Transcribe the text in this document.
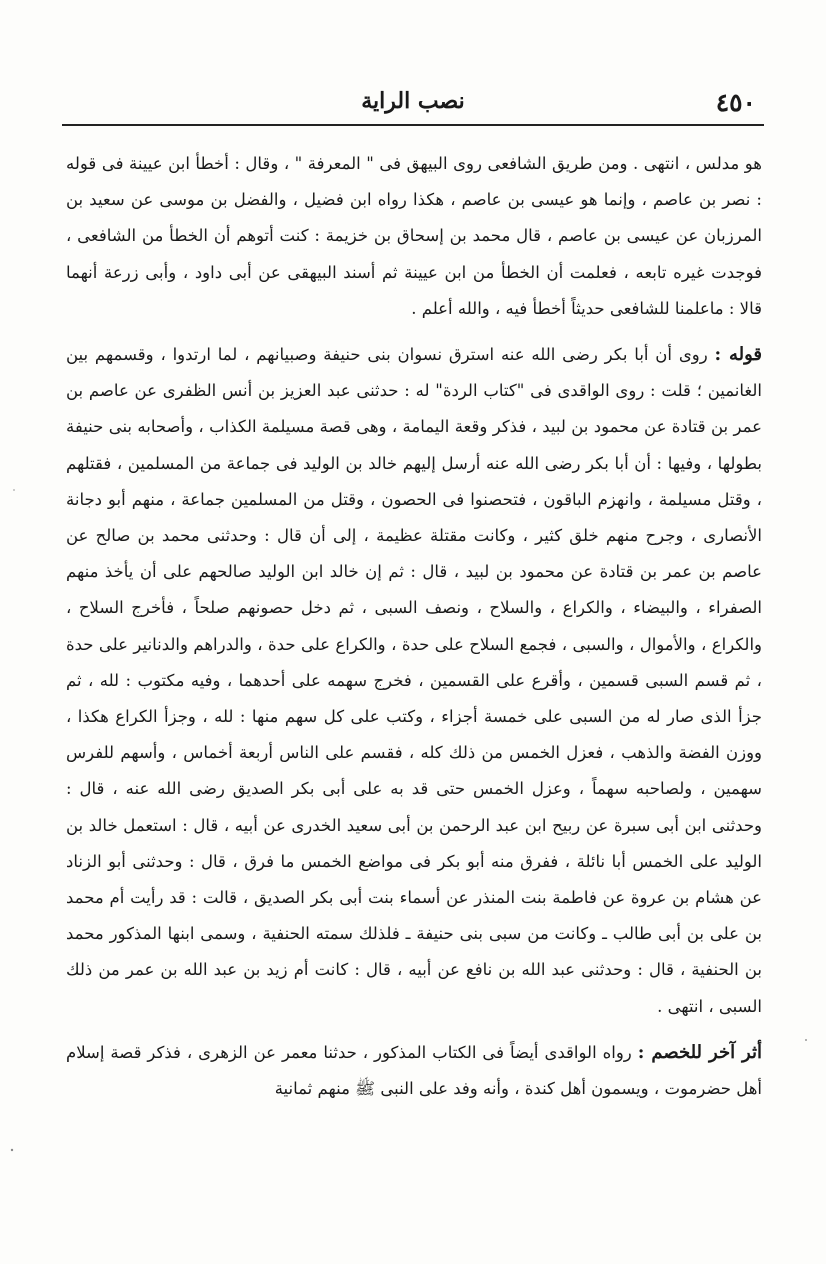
٤٥٠
نصب الراية

هو مدلس ، انتهى . ومن طريق الشافعى روى البيهق فى " المعرفة " ، وقال : أخطأ ابن عيينة فى قوله : نصر بن عاصم ، وإنما هو عيسى بن عاصم ، هكذا رواه ابن فضيل ، والفضل بن موسى عن سعيد بن المرزبان عن عيسى بن عاصم ، قال محمد بن إسحاق بن خزيمة : كنت أتوهم أن الخطأ من الشافعى ، فوجدت غيره تابعه ، فعلمت أن الخطأ من ابن عيينة ثم أسند البيهقى عن أبى داود ، وأبى زرعة أنهما قالا : ماعلمنا للشافعى حديثاً أخطأ فيه ، والله أعلم .

قوله : روى أن أبا بكر رضى الله عنه استرق نسوان بنى حنيفة وصبيانهم ، لما ارتدوا ، وقسمهم بين الغانمين ؛ قلت : روى الواقدى فى "كتاب الردة" له : حدثنى عبد العزيز بن أنس الظفرى عن عاصم بن عمر بن قتادة عن محمود بن لبيد ، فذكر وقعة اليمامة ، وهى قصة مسيلمة الكذاب ، وأصحابه بنى حنيفة بطولها ، وفيها : أن أبا بكر رضى الله عنه أرسل إليهم خالد بن الوليد فى جماعة من المسلمين ، فقتلهم ، وقتل مسيلمة ، وانهزم الباقون ، فتحصنوا فى الحصون ، وقتل من المسلمين جماعة ، منهم أبو دجانة الأنصارى ، وجرح منهم خلق كثير ، وكانت مقتلة عظيمة ، إلى أن قال : وحدثنى محمد بن صالح عن عاصم بن عمر بن قتادة عن محمود بن لبيد ، قال : ثم إن خالد ابن الوليد صالحهم على أن يأخذ منهم الصفراء ، والبيضاء ، والكراع ، والسلاح ، ونصف السبى ، ثم دخل حصونهم صلحاً ، فأخرج السلاح ، والكراع ، والأموال ، والسبى ، فجمع السلاح على حدة ، والكراع على حدة ، والدراهم والدنانير على حدة ، ثم قسم السبى قسمين ، وأقرع على القسمين ، فخرج سهمه على أحدهما ، وفيه مكتوب : لله ، ثم جزأ الذى صار له من السبى على خمسة أجزاء ، وكتب على كل سهم منها : لله ، وجزأ الكراع هكذا ، ووزن الفضة والذهب ، فعزل الخمس من ذلك كله ، فقسم على الناس أربعة أخماس ، وأسهم للفرس سهمين ، ولصاحبه سهماً ، وعزل الخمس حتى قد به على أبى بكر الصديق رضى الله عنه ، قال : وحدثنى ابن أبى سبرة عن ربيح ابن عبد الرحمن بن أبى سعيد الخدرى عن أبيه ، قال : استعمل خالد بن الوليد على الخمس أبا نائلة ، ففرق منه أبو بكر فى مواضع الخمس ما فرق ، قال : وحدثنى أبو الزناد عن هشام بن عروة عن فاطمة بنت المنذر عن أسماء بنت أبى بكر الصديق ، قالت : قد رأيت أم محمد بن على بن أبى طالب ـ وكانت من سبى بنى حنيفة ـ فلذلك سمته الحنفية ، وسمى ابنها المذكور محمد بن الحنفية ، قال : وحدثنى عبد الله بن نافع عن أبيه ، قال : كانت أم زيد بن عبد الله بن عمر من ذلك السبى ، انتهى .

أثر آخر للخصم : رواه الواقدى أيضاً فى الكتاب المذكور ، حدثنا معمر عن الزهرى ، فذكر قصة إسلام أهل حضرموت ، ويسمون أهل كندة ، وأنه وفد على النبى ﷺ منهم ثمانية
